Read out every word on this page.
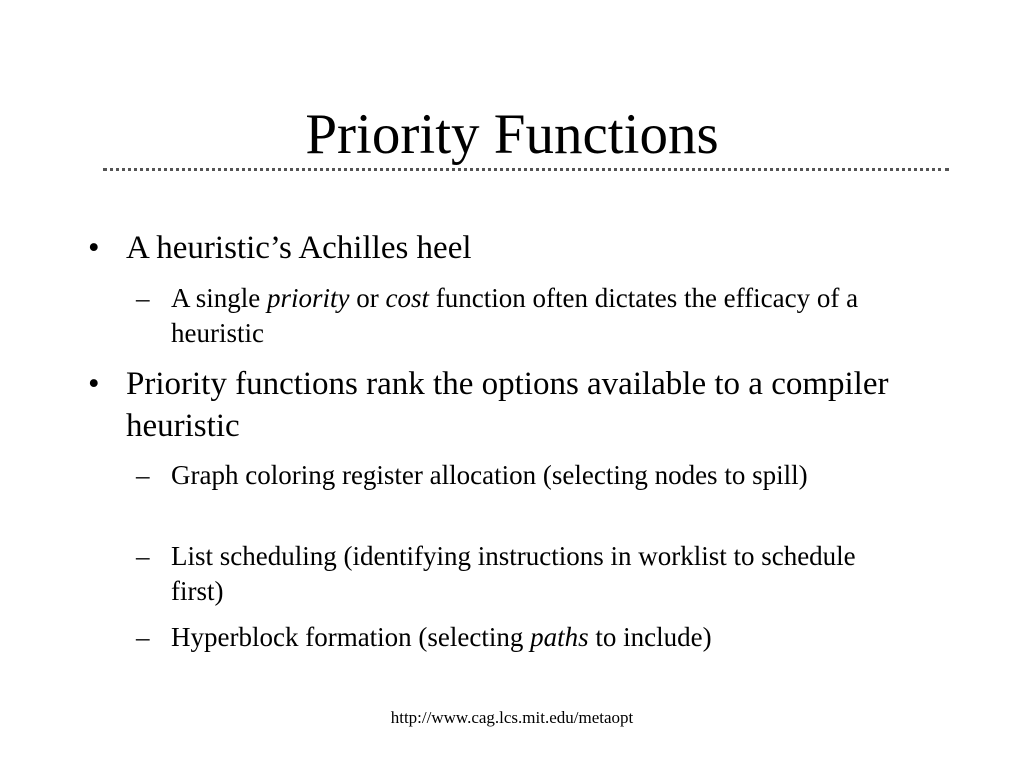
Priority Functions
• A heuristic’s Achilles heel
– A single priority or cost function often dictates the efficacy of a heuristic
• Priority functions rank the options available to a compiler heuristic
– Graph coloring register allocation (selecting nodes to spill)
– List scheduling (identifying instructions in worklist to schedule first)
– Hyperblock formation (selecting paths to include)
http://www.cag.lcs.mit.edu/metaopt
